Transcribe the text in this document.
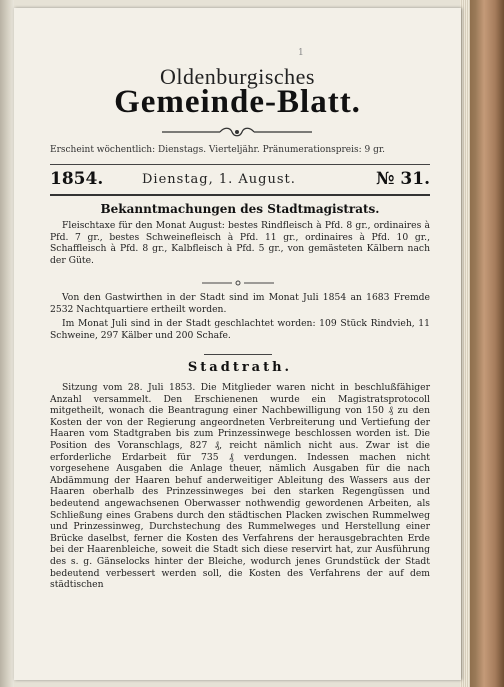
1
Oldenburgisches
Gemeinde-Blatt.
Erscheint wöchentlich: Dienstags. Vierteljähr. Pränumerationspreis: 9 gr.
1854.	Dienstag, 1. August.	№ 31.
Bekanntmachungen des Stadtmagistrats.
Fleischtaxe für den Monat August: bestes Rindfleisch à Pfd. 8 gr., ordinaires à Pfd. 7 gr., bestes Schweinefleisch à Pfd. 11 gr., ordinaires à Pfd. 10 gr., Schaffleisch à Pfd. 8 gr., Kalbfleisch à Pfd. 5 gr., von gemästeten Kälbern nach der Güte.
Von den Gastwirthen in der Stadt sind im Monat Juli 1854 an 1683 Fremde 2532 Nachtquartiere ertheilt worden.
Im Monat Juli sind in der Stadt geschlachtet worden: 109 Stück Rindvieh, 11 Schweine, 297 Kälber und 200 Schafe.
Stadtrath.
Sitzung vom 28. Juli 1853. Die Mitglieder waren nicht in beschlußfähiger Anzahl versammelt. Den Erschienenen wurde ein Magistratsprotocoll mitgetheilt, wonach die Beantragung einer Nachbewilligung von 150 ₰ zu den Kosten der von der Regierung angeordneten Verbreiterung und Vertiefung der Haaren vom Stadtgraben bis zum Prinzessinwege beschlossen worden ist. Die Position des Voranschlags, 827 ₰, reicht nämlich nicht aus. Zwar ist die erforderliche Erdarbeit für 735 ₰ verdungen. Indessen machen nicht vorgesehene Ausgaben die Anlage theuer, nämlich Ausgaben für die nach Abdämmung der Haaren behuf anderweitiger Ableitung des Wassers aus der Haaren oberhalb des Prinzessinweges bei den starken Regengüssen und bedeutend angewachsenen Oberwasser nothwendig gewordenen Arbeiten, als Schließung eines Grabens durch den städtischen Placken zwischen Rummelweg und Prinzessinweg, Durchstechung des Rummelweges und Herstellung einer Brücke daselbst, ferner die Kosten des Verfahrens der herausgebrachten Erde bei der Haarenbleiche, soweit die Stadt sich diese reservirt hat, zur Ausführung des s. g. Gänselocks hinter der Bleiche, wodurch jenes Grundstück der Stadt bedeutend verbessert werden soll, die Kosten des Verfahrens der auf dem städtischen
